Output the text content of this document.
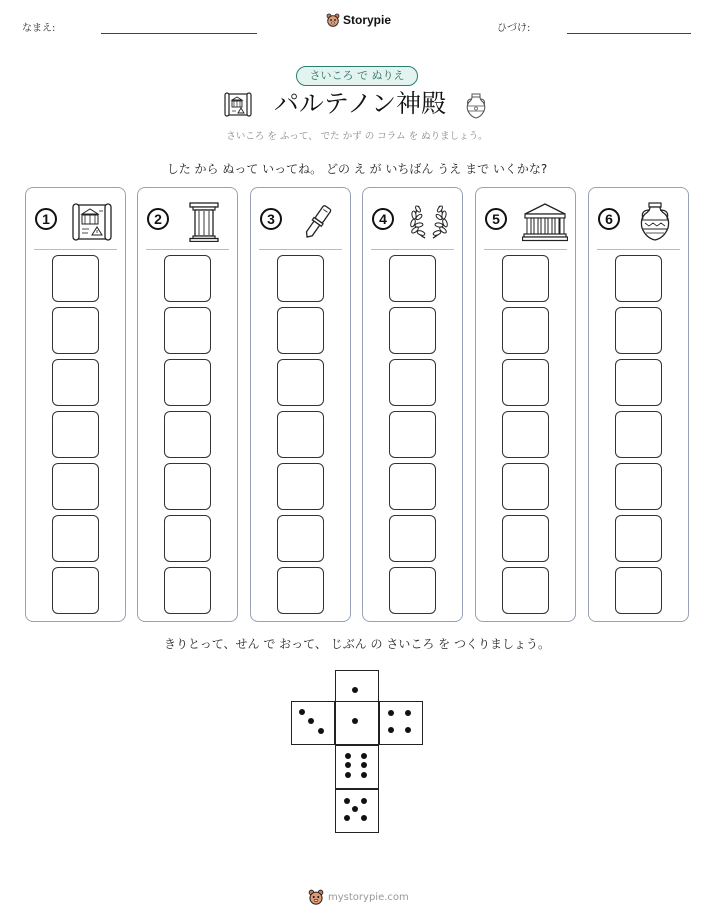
なまえ:
Storypie
ひづけ:
さいころ で ぬりえ
パルテノン神殿
さいころ を ふって、 でた かず の コラム を ぬりましょう。
した から ぬって いってね。 どの え が いちばん うえ まで いくかな?
1	2	3	4	5	6
きりとって、せん で おって、 じぶん の さいころ を つくりましょう。
mystorypie.com
